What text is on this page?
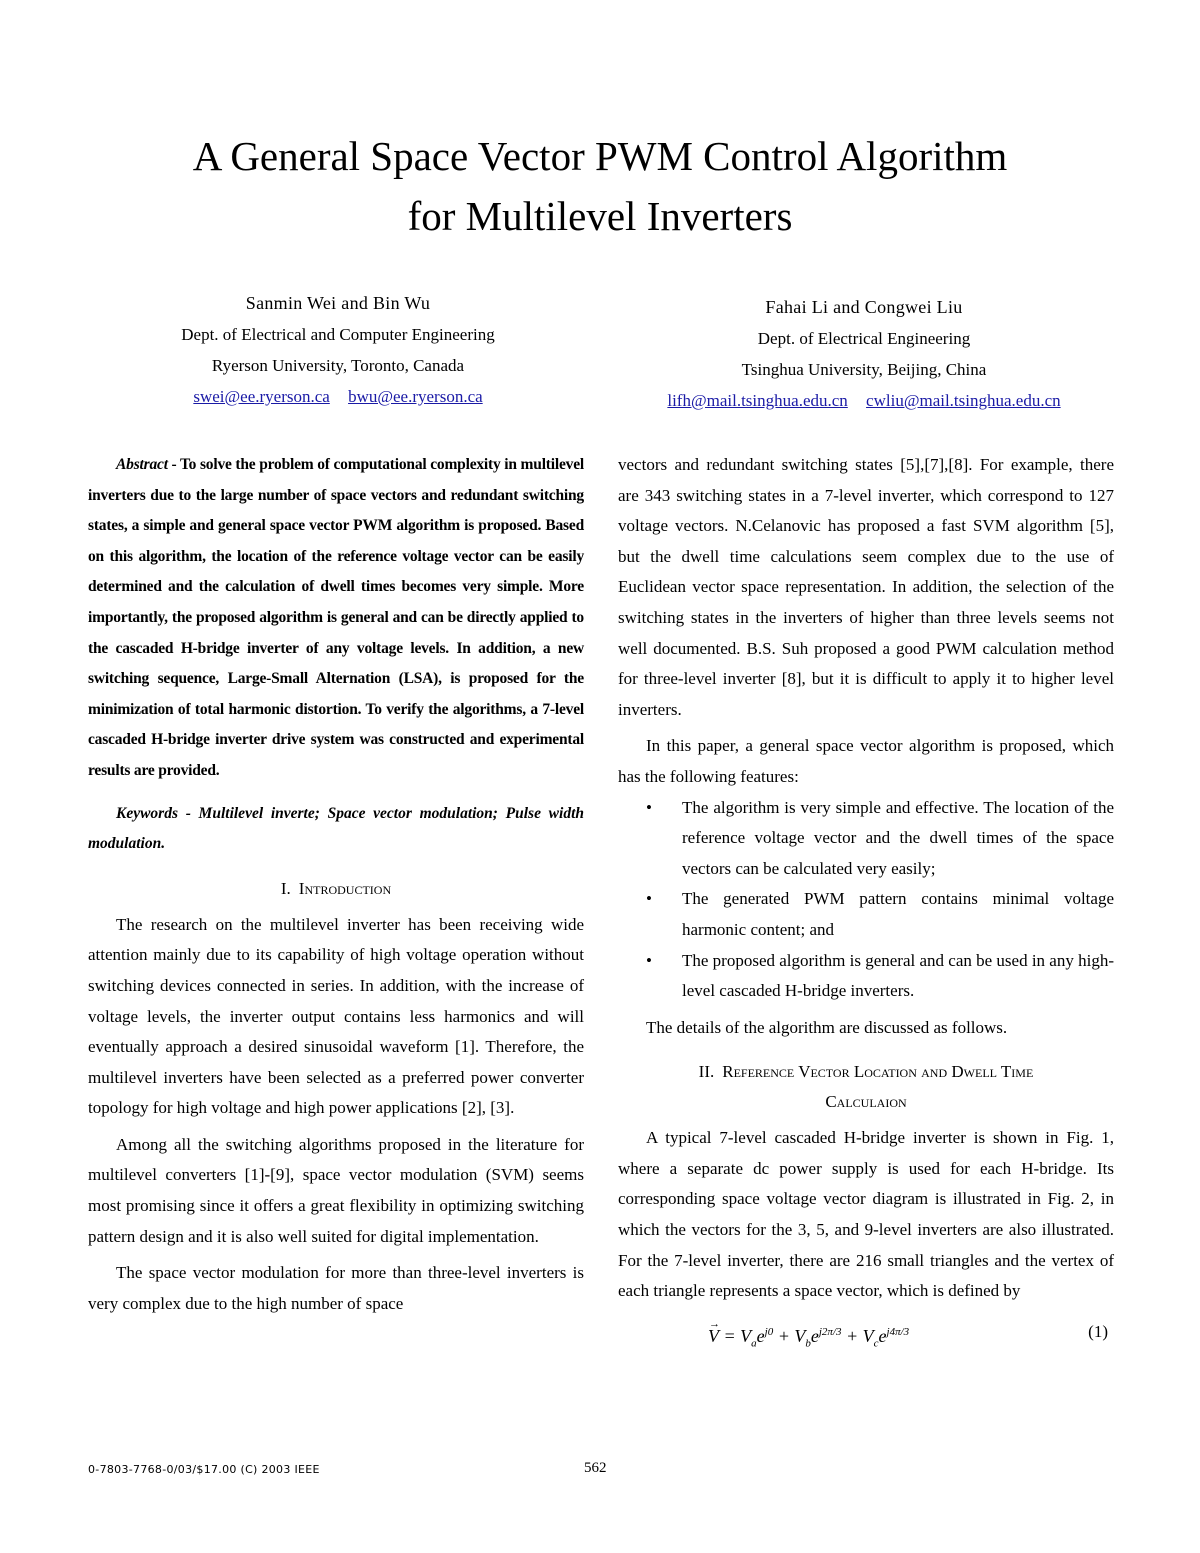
A General Space Vector PWM Control Algorithm
for Multilevel Inverters
Sanmin Wei and Bin Wu
Dept. of Electrical and Computer Engineering
Ryerson University, Toronto, Canada
swei@ee.ryerson.ca bwu@ee.ryerson.ca
Fahai Li and Congwei Liu
Dept. of Electrical Engineering
Tsinghua University, Beijing, China
lifh@mail.tsinghua.edu.cn cwliu@mail.tsinghua.edu.cn

Abstract - To solve the problem of computational complexity in multilevel inverters due to the large number of space vectors and redundant switching states, a simple and general space vector PWM algorithm is proposed. Based on this algorithm, the location of the reference voltage vector can be easily determined and the calculation of dwell times becomes very simple. More importantly, the proposed algorithm is general and can be directly applied to the cascaded H-bridge inverter of any voltage levels. In addition, a new switching sequence, Large-Small Alternation (LSA), is proposed for the minimization of total harmonic distortion. To verify the algorithms, a 7-level cascaded H-bridge inverter drive system was constructed and experimental results are provided.

Keywords - Multilevel inverte; Space vector modulation; Pulse width modulation.

I. Introduction

The research on the multilevel inverter has been receiving wide attention mainly due to its capability of high voltage operation without switching devices connected in series. In addition, with the increase of voltage levels, the inverter output contains less harmonics and will eventually approach a desired sinusoidal waveform [1]. Therefore, the multilevel inverters have been selected as a preferred power converter topology for high voltage and high power applications [2], [3].

Among all the switching algorithms proposed in the literature for multilevel converters [1]-[9], space vector modulation (SVM) seems most promising since it offers a great flexibility in optimizing switching pattern design and it is also well suited for digital implementation.

The space vector modulation for more than three-level inverters is very complex due to the high number of space

vectors and redundant switching states [5],[7],[8]. For example, there are 343 switching states in a 7-level inverter, which correspond to 127 voltage vectors. N.Celanovic has proposed a fast SVM algorithm [5], but the dwell time calculations seem complex due to the use of Euclidean vector space representation. In addition, the selection of the switching states in the inverters of higher than three levels seems not well documented. B.S. Suh proposed a good PWM calculation method for three-level inverter [8], but it is difficult to apply it to higher level inverters.

In this paper, a general space vector algorithm is proposed, which has the following features:

• The algorithm is very simple and effective. The location of the reference voltage vector and the dwell times of the space vectors can be calculated very easily;
• The generated PWM pattern contains minimal voltage harmonic content; and
• The proposed algorithm is general and can be used in any high-level cascaded H-bridge inverters.

The details of the algorithm are discussed as follows.

II. Reference Vector Location and Dwell Time
Calculaion

A typical 7-level cascaded H-bridge inverter is shown in Fig. 1, where a separate dc power supply is used for each H-bridge. Its corresponding space voltage vector diagram is illustrated in Fig. 2, in which the vectors for the 3, 5, and 9-level inverters are also illustrated. For the 7-level inverter, there are 216 small triangles and the vertex of each triangle represents a space vector, which is defined by

→ $V = V_ae^{j0} + V_be^{j2\pi/3} + V_ce^{j4\pi/3}$	(1)
0-7803-7768-0/03/$17.00 (C) 2003 IEEE	562
